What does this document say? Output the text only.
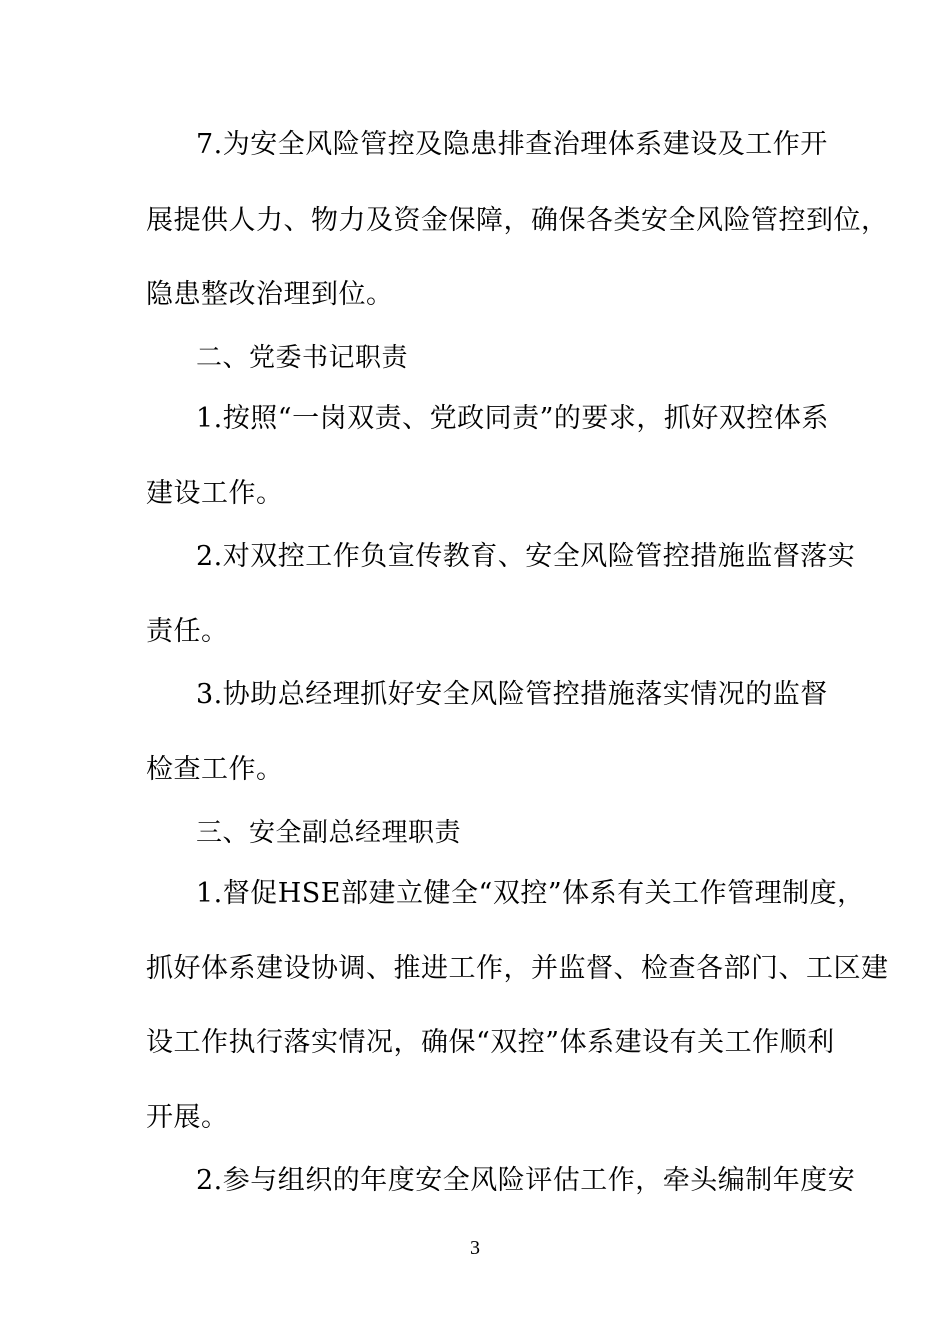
7.为安全风险管控及隐患排查治理体系建设及工作开
展提供人力、物力及资金保障，确保各类安全风险管控到位，
隐患整改治理到位。
二、党委书记职责
1.按照“一岗双责、党政同责”的要求，抓好双控体系
建设工作。
2.对双控工作负宣传教育、安全风险管控措施监督落实
责任。
3.协助总经理抓好安全风险管控措施落实情况的监督
检查工作。
三、安全副总经理职责
1.督促HSE部建立健全“双控”体系有关工作管理制度，
抓好体系建设协调、推进工作，并监督、检查各部门、工区建
设工作执行落实情况，确保“双控”体系建设有关工作顺利
开展。
2.参与组织的年度安全风险评估工作，牵头编制年度安
3
